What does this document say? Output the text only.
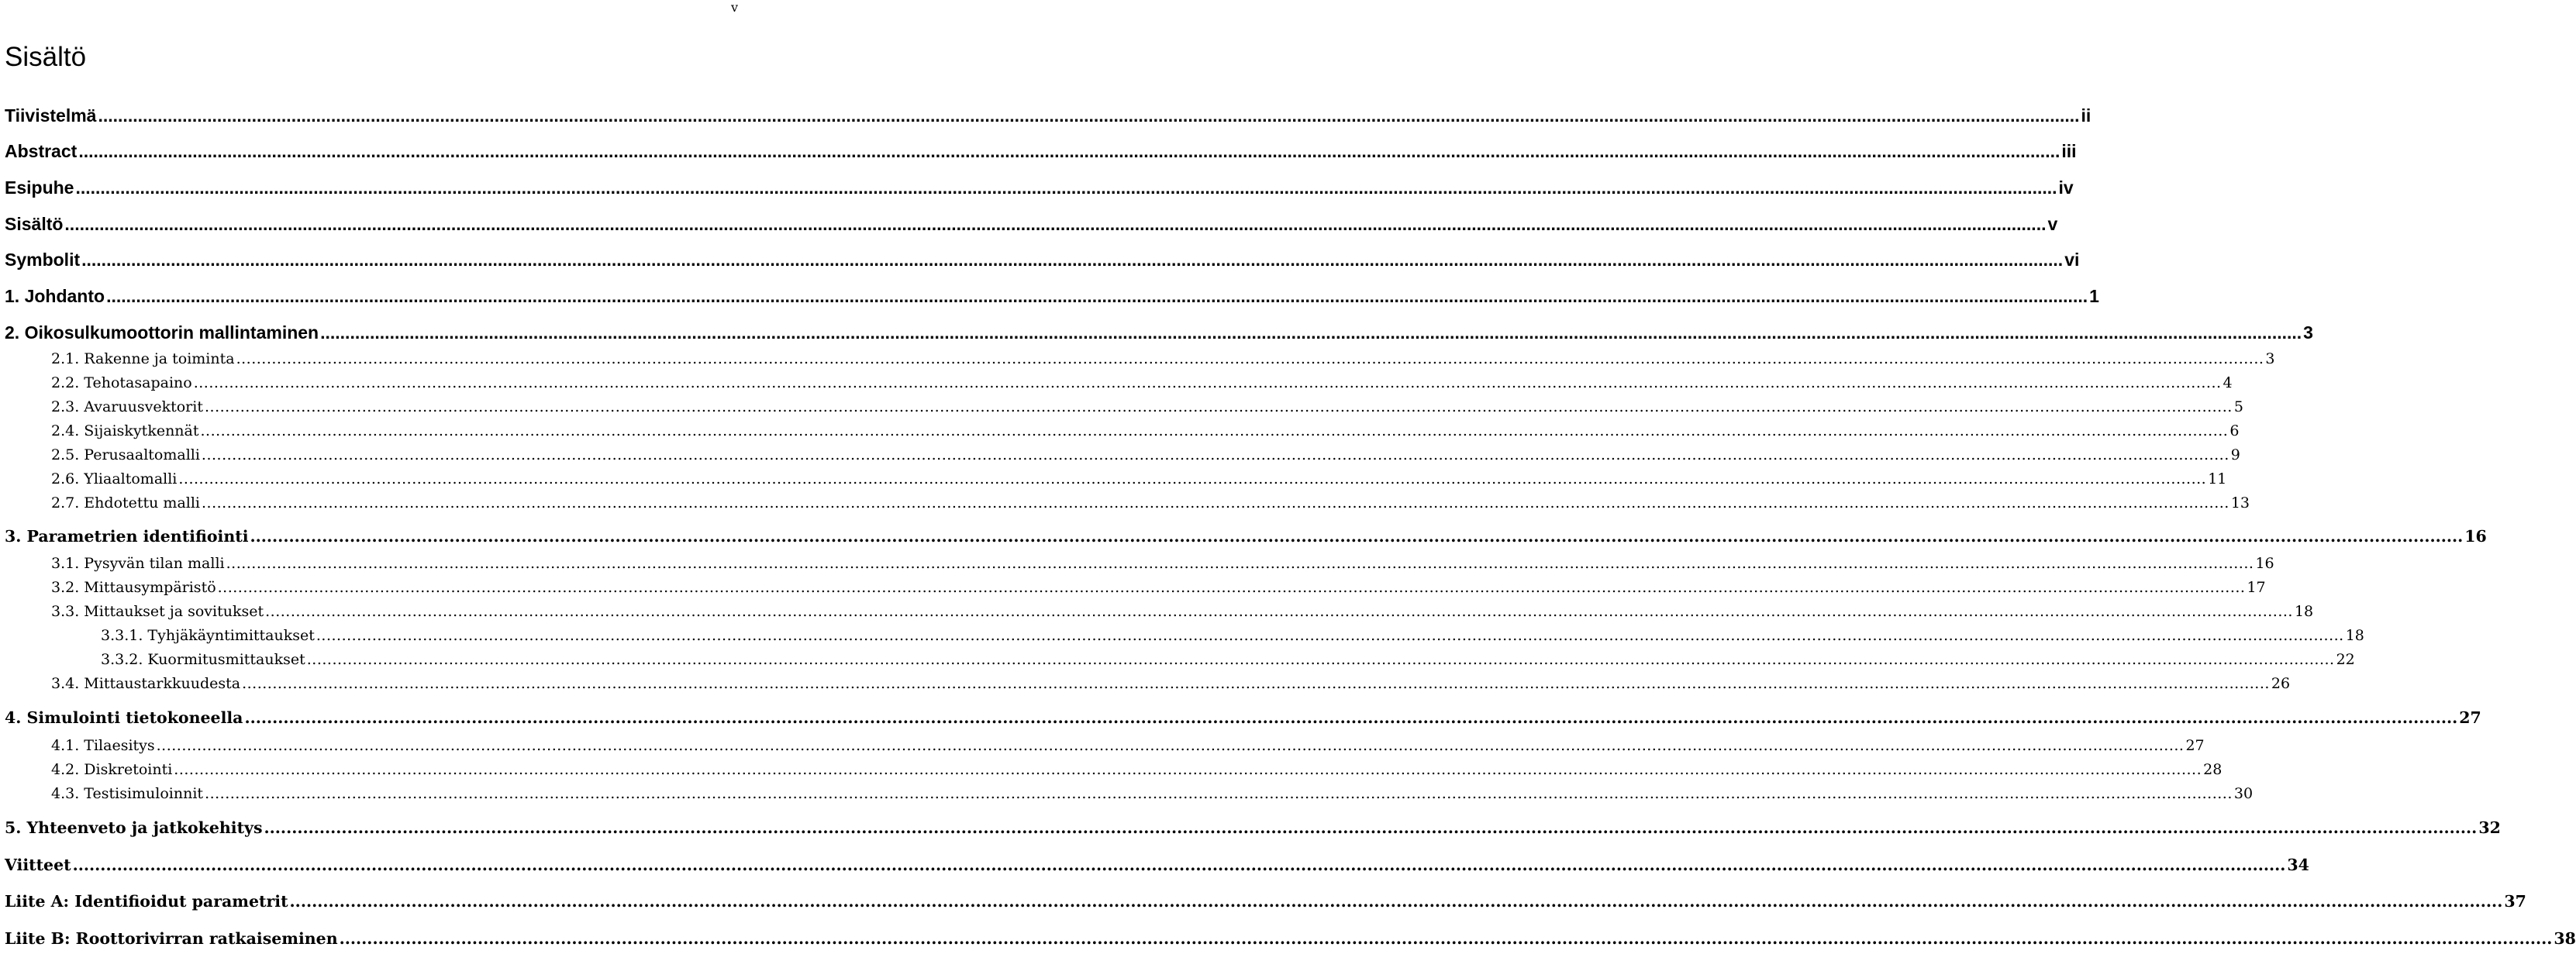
v
Sisältö
Tiivistelmä ................................................................................................................................................................................................................................................................................................................................................................................................................ ii
Abstract ................................................................................................................................................................................................................................................................................................................................................................................................................ iii
Esipuhe ................................................................................................................................................................................................................................................................................................................................................................................................................ iv
Sisältö ................................................................................................................................................................................................................................................................................................................................................................................................................ v
Symbolit ................................................................................................................................................................................................................................................................................................................................................................................................................ vi
1. Johdanto ................................................................................................................................................................................................................................................................................................................................................................................................................ 1
2. Oikosulkumoottorin mallintaminen ................................................................................................................................................................................................................................................................................................................................................................................................................ 3
2.1. Rakenne ja toiminta ................................................................................................................................................................................................................................................................................................................................................................................................................ 3
2.2. Tehotasapaino ................................................................................................................................................................................................................................................................................................................................................................................................................ 4
2.3. Avaruusvektorit ................................................................................................................................................................................................................................................................................................................................................................................................................ 5
2.4. Sijaiskytkennät ................................................................................................................................................................................................................................................................................................................................................................................................................ 6
2.5. Perusaaltomalli ................................................................................................................................................................................................................................................................................................................................................................................................................ 9
2.6. Yliaaltomalli ................................................................................................................................................................................................................................................................................................................................................................................................................ 11
2.7. Ehdotettu malli ................................................................................................................................................................................................................................................................................................................................................................................................................ 13
3. Parametrien identifiointi ................................................................................................................................................................................................................................................................................................................................................................................................................ 16
3.1. Pysyvän tilan malli ................................................................................................................................................................................................................................................................................................................................................................................................................ 16
3.2. Mittausympäristö ................................................................................................................................................................................................................................................................................................................................................................................................................ 17
3.3. Mittaukset ja sovitukset ................................................................................................................................................................................................................................................................................................................................................................................................................ 18
3.3.1. Tyhjäkäyntimittaukset ................................................................................................................................................................................................................................................................................................................................................................................................................ 18
3.3.2. Kuormitusmittaukset ................................................................................................................................................................................................................................................................................................................................................................................................................ 22
3.4. Mittaustarkkuudesta ................................................................................................................................................................................................................................................................................................................................................................................................................ 26
4. Simulointi tietokoneella ................................................................................................................................................................................................................................................................................................................................................................................................................ 27
4.1. Tilaesitys ................................................................................................................................................................................................................................................................................................................................................................................................................ 27
4.2. Diskretointi ................................................................................................................................................................................................................................................................................................................................................................................................................ 28
4.3. Testisimuloinnit ................................................................................................................................................................................................................................................................................................................................................................................................................ 30
5. Yhteenveto ja jatkokehitys ................................................................................................................................................................................................................................................................................................................................................................................................................ 32
Viitteet ................................................................................................................................................................................................................................................................................................................................................................................................................ 34
Liite A: Identifioidut parametrit ................................................................................................................................................................................................................................................................................................................................................................................................................ 37
Liite B: Roottorivirran ratkaiseminen ................................................................................................................................................................................................................................................................................................................................................................................................................ 38
